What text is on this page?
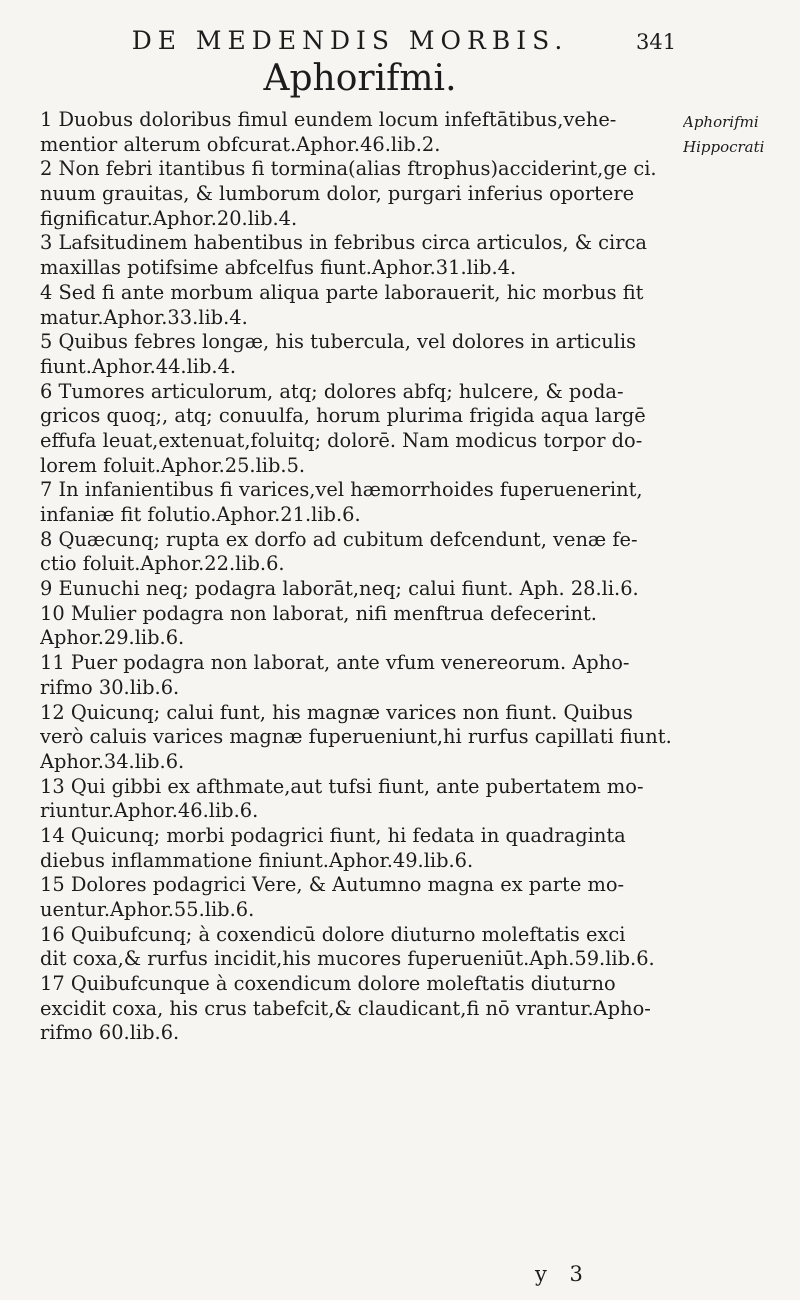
DE MEDENDIS MORBIS.	341
Aphorifmi.
Aphorifmi
Hippocrati
1 Duobus doloribus fimul eundem locum infeftātibus,vehe-
mentior alterum obfcurat.Aphor.46.lib.2.
2 Non febri itantibus fi tormina(alias ftrophus)acciderint,ge ci.
nuum grauitas, & lumborum dolor, purgari inferius oportere
fignificatur.Aphor.20.lib.4.
3 Lafsitudinem habentibus in febribus circa articulos, & circa
maxillas potifsime abfcelfus fiunt.Aphor.31.lib.4.
4 Sed fi ante morbum aliqua parte laborauerit, hic morbus fit
matur.Aphor.33.lib.4.
5 Quibus febres longæ, his tubercula, vel dolores in articulis
fiunt.Aphor.44.lib.4.
6 Tumores articulorum, atq; dolores abfq; hulcere, & poda-
gricos quoq;, atq; conuulfa, horum plurima frigida aqua largē
effufa leuat,extenuat,foluitq; dolorē. Nam modicus torpor do-
lorem foluit.Aphor.25.lib.5.
7 In infanientibus fi varices,vel hæmorrhoides fuperuenerint,
infaniæ fit folutio.Aphor.21.lib.6.
8 Quæcunq; rupta ex dorfo ad cubitum defcendunt, venæ fe-
ctio foluit.Aphor.22.lib.6.
9 Eunuchi neq; podagra laborāt,neq; calui fiunt. Aph. 28.li.6.
10 Mulier podagra non laborat, nifi menftrua defecerint.
Aphor.29.lib.6.
11 Puer podagra non laborat, ante vfum venereorum. Apho-
rifmo 30.lib.6.
12 Quicunq; calui funt, his magnæ varices non fiunt. Quibus
verò caluis varices magnæ fuperueniunt,hi rurfus capillati fiunt.
Aphor.34.lib.6.
13 Qui gibbi ex afthmate,aut tufsi fiunt, ante pubertatem mo-
riuntur.Aphor.46.lib.6.
14 Quicunq; morbi podagrici fiunt, hi fedata in quadraginta
diebus inflammatione finiunt.Aphor.49.lib.6.
15 Dolores podagrici Vere, & Autumno magna ex parte mo-
uentur.Aphor.55.lib.6.
16 Quibufcunq; à coxendicū dolore diuturno moleftatis exci
dit coxa,& rurfus incidit,his mucores fuperueniūt.Aph.59.lib.6.
17 Quibufcunque à coxendicum dolore moleftatis diuturno
excidit coxa, his crus tabefcit,& claudicant,fi nō vrantur.Apho-
rifmo 60.lib.6.
y 3
